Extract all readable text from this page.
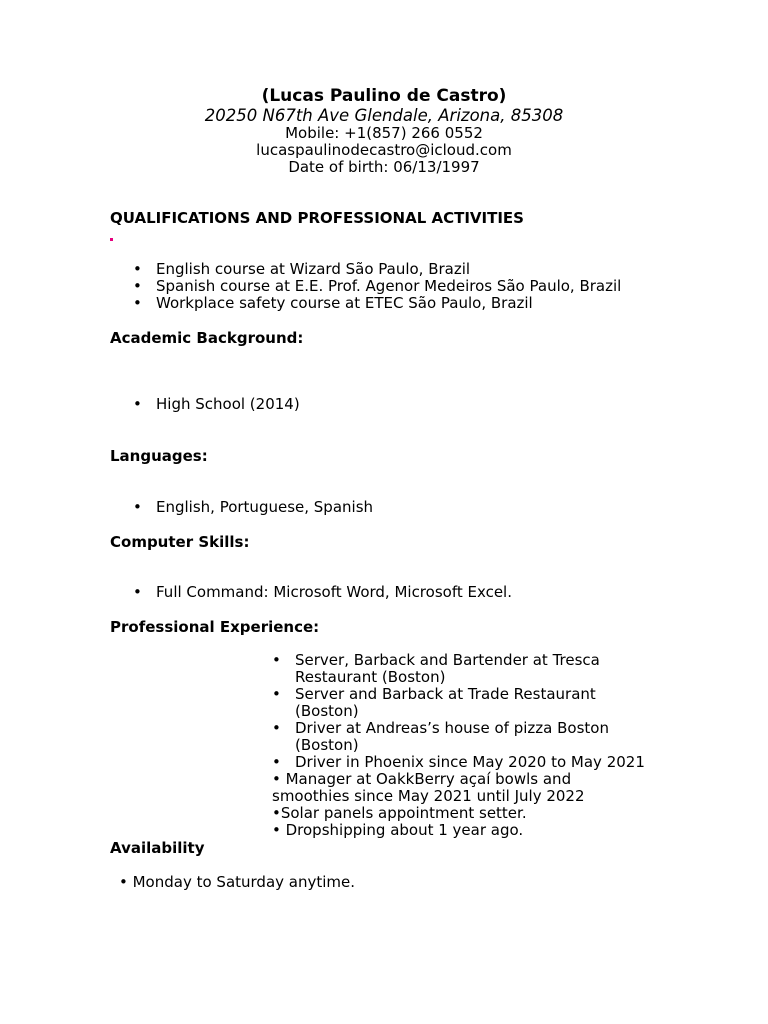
(Lucas Paulino de Castro)
20250 N67th Ave Glendale, Arizona, 85308
Mobile: +1(857) 266 0552
lucaspaulinodecastro@icloud.com
Date of birth: 06/13/1997
QUALIFICATIONS AND PROFESSIONAL ACTIVITIES
• English course at Wizard São Paulo, Brazil
• Spanish course at E.E. Prof. Agenor Medeiros São Paulo, Brazil
• Workplace safety course at ETEC São Paulo, Brazil
Academic Background:
• High School (2014)
Languages:
• English, Portuguese, Spanish
Computer Skills:
• Full Command: Microsoft Word, Microsoft Excel.
Professional Experience:
• Server, Barback and Bartender at Tresca Restaurant (Boston)
• Server and Barback at Trade Restaurant (Boston)
• Driver at Andreas’s house of pizza Boston (Boston)
• Driver in Phoenix since May 2020 to May 2021
• Manager at OakkBerry açaí bowls and
smoothies since May 2021 until July 2022
•Solar panels appointment setter.
• Dropshipping about 1 year ago.
Availability
• Monday to Saturday anytime.
